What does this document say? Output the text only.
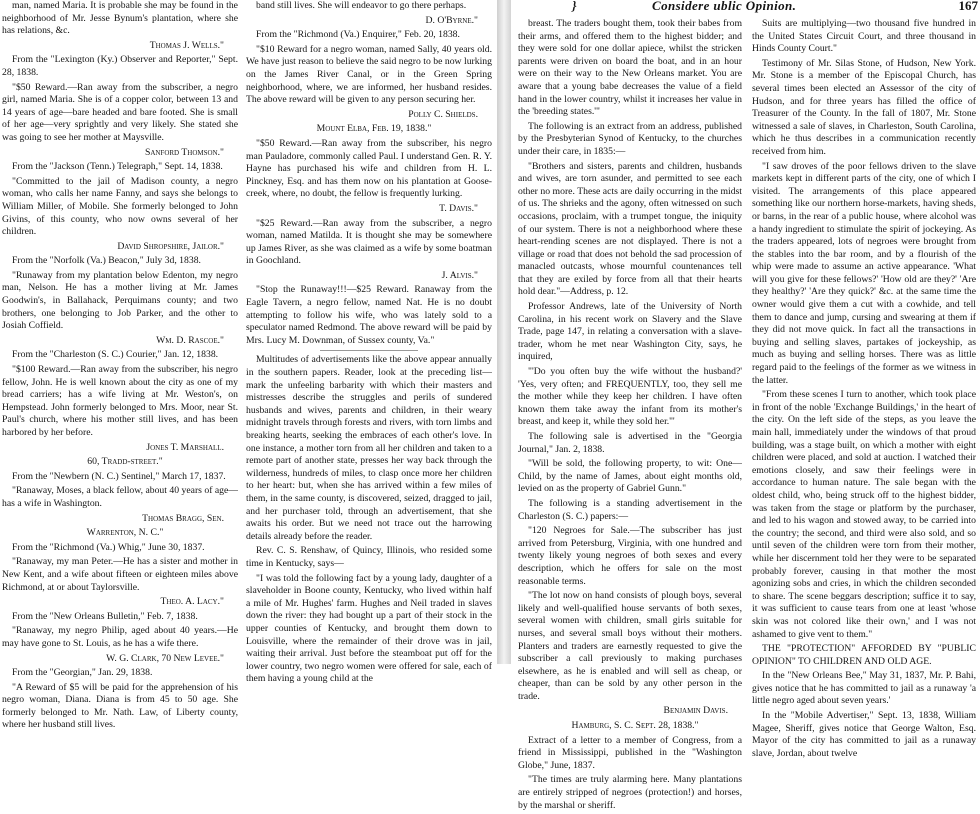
man, named Maria. It is probable she may be found in the neighborhood of Mr. Jesse Bynum's plantation, where she has relations, &c.

Thomas J. Wells."

From the "Lexington (Ky.) Observer and Reporter," Sept. 28, 1838.

"$50 Reward.—Ran away from the subscriber, a negro girl, named Maria. She is of a copper color, between 13 and 14 years of age—bare headed and bare footed. She is small of her age—very sprightly and very likely. She stated she was going to see her mother at Maysville.

Sanford Thomson."

From the "Jackson (Tenn.) Telegraph," Sept. 14, 1838.

"Committed to the jail of Madison county, a negro woman, who calls her name Fanny, and says she belongs to William Miller, of Mobile. She formerly belonged to John Givins, of this county, who now owns several of her children.

David Shropshire, Jailor."

From the "Norfolk (Va.) Beacon," July 3d, 1838.

"Runaway from my plantation below Edenton, my negro man, Nelson. He has a mother living at Mr. James Goodwin's, in Ballahack, Perquimans county; and two brothers, one belonging to Job Parker, and the other to Josiah Coffield.

Wm. D. Rascoe."

From the "Charleston (S. C.) Courier," Jan. 12, 1838.

"$100 Reward.—Ran away from the subscriber, his negro fellow, John. He is well known about the city as one of my bread carriers; has a wife living at Mr. Weston's, on Hempstead. John formerly belonged to Mrs. Moor, near St. Paul's church, where his mother still lives, and has been harbored by her before.

Jones T. Marshall.

60, Tradd-street."

From the "Newbern (N. C.) Sentinel," March 17, 1837.

"Ranaway, Moses, a black fellow, about 40 years of age—has a wife in Washington.

Thomas Bragg, Sen.

Warrenton, N. C."

From the "Richmond (Va.) Whig," June 30, 1837.

"Ranaway, my man Peter.—He has a sister and mother in New Kent, and a wife about fifteen or eighteen miles above Richmond, at or about Taylorsville.

Theo. A. Lacy."

From the "New Orleans Bulletin," Feb. 7, 1838.

"Ranaway, my negro Philip, aged about 40 years.—He may have gone to St. Louis, as he has a wife there.

W. G. Clark, 70 New Levee."

From the "Georgian," Jan. 29, 1838.

"A Reward of $5 will be paid for the apprehension of his negro woman, Diana. Diana is from 45 to 50 age. She formerly belonged to Mr. Nath. Law, of Liberty county, where her husband still lives.

band still lives. She will endeavor to go there perhaps.

D. O'Byrne."

From the "Richmond (Va.) Enquirer," Feb. 20, 1838.

"$10 Reward for a negro woman, named Sally, 40 years old. We have just reason to believe the said negro to be now lurking on the James River Canal, or in the Green Spring neighborhood, where, we are informed, her husband resides. The above reward will be given to any person securing her.

Polly C. Shields.

Mount Elba, Feb. 19, 1838."

"$50 Reward.—Ran away from the subscriber, his negro man Pauladore, commonly called Paul. I understand Gen. R. Y. Hayne has purchased his wife and children from H. L. Pinckney, Esq. and has them now on his plantation at Goose-creek, where, no doubt, the fellow is frequently lurking.

T. Davis."

"$25 Reward.—Ran away from the subscriber, a negro woman, named Matilda. It is thought she may be somewhere up James River, as she was claimed as a wife by some boatman in Goochland.

J. Alvis."

"Stop the Runaway!!!—$25 Reward. Ranaway from the Eagle Tavern, a negro fellow, named Nat. He is no doubt attempting to follow his wife, who was lately sold to a speculator named Redmond. The above reward will be paid by Mrs. Lucy M. Downman, of Sussex county, Va."

Multitudes of advertisements like the above appear annually in the southern papers. Reader, look at the preceding list—mark the unfeeling barbarity with which their masters and mistresses describe the struggles and perils of sundered husbands and wives, parents and children, in their weary midnight travels through forests and rivers, with torn limbs and breaking hearts, seeking the embraces of each other's love. In one instance, a mother torn from all her children and taken to a remote part of another state, presses her way back through the wilderness, hundreds of miles, to clasp once more her children to her heart: but, when she has arrived within a few miles of them, in the same county, is discovered, seized, dragged to jail, and her purchaser told, through an advertisement, that she awaits his order. But we need not trace out the harrowing details already before the reader.

Rev. C. S. Renshaw, of Quincy, Illinois, who resided some time in Kentucky, says—

"I was told the following fact by a young lady, daughter of a slaveholder in Boone county, Kentucky, who lived within half a mile of Mr. Hughes' farm. Hughes and Neil traded in slaves down the river: they had bought up a part of their stock in the upper counties of Kentucky, and brought them down to Louisville, where the remainder of their drove was in jail, waiting their arrival. Just before the steamboat put off for the lower country, two negro women were offered for sale, each of them having a young child at the

}	Considere ublic Opinion.	167

breast. The traders bought them, took their babes from their arms, and offered them to the highest bidder; and they were sold for one dollar apiece, whilst the stricken parents were driven on board the boat, and in an hour were on their way to the New Orleans market. You are aware that a young babe decreases the value of a field hand in the lower country, whilst it increases her value in the 'breeding states.'"

The following is an extract from an address, published by the Presbyterian Synod of Kentucky, to the churches under their care, in 1835:—

"Brothers and sisters, parents and children, husbands and wives, are torn asunder, and permitted to see each other no more. These acts are daily occurring in the midst of us. The shrieks and the agony, often witnessed on such occasions, proclaim, with a trumpet tongue, the iniquity of our system. There is not a neighborhood where these heart-rending scenes are not displayed. There is not a village or road that does not behold the sad procession of manacled outcasts, whose mournful countenances tell that they are exiled by force from all that their hearts hold dear."—Address, p. 12.

Professor Andrews, late of the University of North Carolina, in his recent work on Slavery and the Slave Trade, page 147, in relating a conversation with a slave-trader, whom he met near Washington City, says, he inquired,

"'Do you often buy the wife without the husband?' 'Yes, very often; and FREQUENTLY, too, they sell me the mother while they keep her children. I have often known them take away the infant from its mother's breast, and keep it, while they sold her.'"

The following sale is advertised in the "Georgia Journal," Jan. 2, 1838.

"Will be sold, the following property, to wit: One—Child, by the name of James, about eight months old, levied on as the property of Gabriel Gunn."

The following is a standing advertisement in the Charleston (S. C.) papers:—

"120 Negroes for Sale.—The subscriber has just arrived from Petersburg, Virginia, with one hundred and twenty likely young negroes of both sexes and every description, which he offers for sale on the most reasonable terms.

"The lot now on hand consists of plough boys, several likely and well-qualified house servants of both sexes, several women with children, small girls suitable for nurses, and several small boys without their mothers. Planters and traders are earnestly requested to give the subscriber a call previously to making purchases elsewhere, as he is enabled and will sell as cheap, or cheaper, than can be sold by any other person in the trade.

Benjamin Davis.

Hamburg, S. C. Sept. 28, 1838."

Extract of a letter to a member of Congress, from a friend in Mississippi, published in the "Washington Globe," June, 1837.

"The times are truly alarming here. Many plantations are entirely stripped of negroes (protection!) and horses, by the marshal or sheriff.

Suits are multiplying—two thousand five hundred in the United States Circuit Court, and three thousand in Hinds County Court."

Testimony of Mr. Silas Stone, of Hudson, New York. Mr. Stone is a member of the Episcopal Church, has several times been elected an Assessor of the city of Hudson, and for three years has filled the office of Treasurer of the County. In the fall of 1807, Mr. Stone witnessed a sale of slaves, in Charleston, South Carolina, which he thus describes in a communication recently received from him.

"I saw droves of the poor fellows driven to the slave markets kept in different parts of the city, one of which I visited. The arrangements of this place appeared something like our northern horse-markets, having sheds, or barns, in the rear of a public house, where alcohol was a handy ingredient to stimulate the spirit of jockeying. As the traders appeared, lots of negroes were brought from the stables into the bar room, and by a flourish of the whip were made to assume an active appearance. 'What will you give for these fellows?' 'How old are they?' 'Are they healthy?' 'Are they quick?' &c. at the same time the owner would give them a cut with a cowhide, and tell them to dance and jump, cursing and swearing at them if they did not move quick. In fact all the transactions in buying and selling slaves, partakes of jockeyship, as much as buying and selling horses. There was as little regard paid to the feelings of the former as we witness in the latter.

"From these scenes I turn to another, which took place in front of the noble 'Exchange Buildings,' in the heart of the city. On the left side of the steps, as you leave the main hall, immediately under the windows of that proud building, was a stage built, on which a mother with eight children were placed, and sold at auction. I watched their emotions closely, and saw their feelings were in accordance to human nature. The sale began with the oldest child, who, being struck off to the highest bidder, was taken from the stage or platform by the purchaser, and led to his wagon and stowed away, to be carried into the country; the second, and third were also sold, and so until seven of the children were torn from their mother, while her discernment told her they were to be separated probably forever, causing in that mother the most agonizing sobs and cries, in which the children seconded to share. The scene beggars description; suffice it to say, it was sufficient to cause tears from one at least 'whose skin was not colored like their own,' and I was not ashamed to give vent to them."

THE "PROTECTION" AFFORDED BY "PUBLIC OPINION" TO CHILDREN AND OLD AGE.

In the "New Orleans Bee," May 31, 1837, Mr. P. Bahi, gives notice that he has committed to jail as a runaway 'a little negro aged about seven years.'

In the "Mobile Advertiser," Sept. 13, 1838, William Magee, Sheriff, gives notice that George Walton, Esq. Mayor of the city has committed to jail as a runaway slave, Jordan, about twelve
